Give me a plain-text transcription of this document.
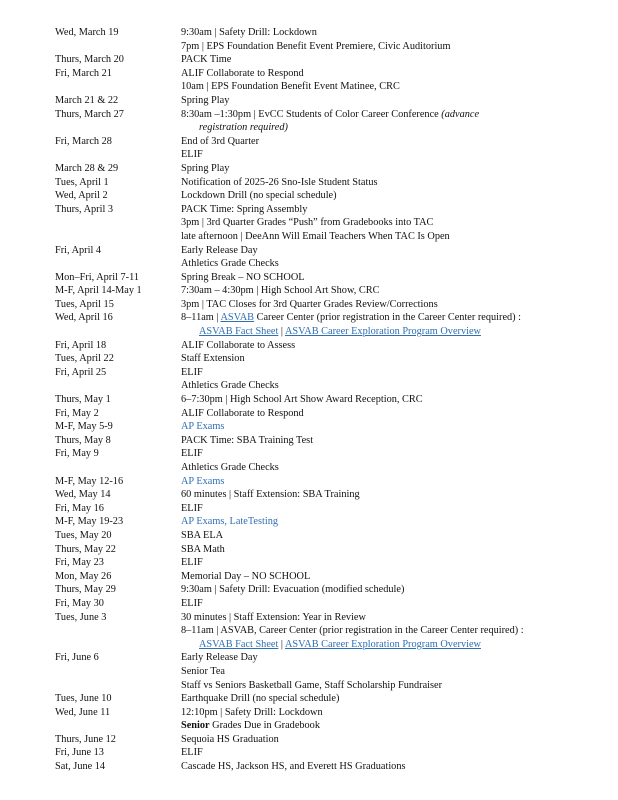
Wed, March 19	9:30am | Safety Drill: Lockdown
7pm | EPS Foundation Benefit Event Premiere, Civic Auditorium
Thurs, March 20	PACK Time
Fri, March 21	ALIF Collaborate to Respond
10am | EPS Foundation Benefit Event Matinee, CRC
March 21 & 22	Spring Play
Thurs, March 27	8:30am –1:30pm | EvCC Students of Color Career Conference (advance
registration required)
Fri, March 28	End of 3rd Quarter
ELIF
March 28 & 29	Spring Play
Tues, April 1	Notification of 2025-26 Sno-Isle Student Status
Wed, April 2	Lockdown Drill (no special schedule)
Thurs, April 3	PACK Time: Spring Assembly
3pm | 3rd Quarter Grades “Push” from Gradebooks into TAC
late afternoon | DeeAnn Will Email Teachers When TAC Is Open
Fri, April 4	Early Release Day
Athletics Grade Checks
Mon–Fri, April 7-11	Spring Break – NO SCHOOL
M-F, April 14-May 1	7:30am – 4:30pm | High School Art Show, CRC
Tues, April 15	3pm | TAC Closes for 3rd Quarter Grades Review/Corrections
Wed, April 16	8–11am | ASVAB Career Center (prior registration in the Career Center required) :
ASVAB Fact Sheet | ASVAB Career Exploration Program Overview
Fri, April 18	ALIF Collaborate to Assess
Tues, April 22	Staff Extension
Fri, April 25	ELIF
Athletics Grade Checks
Thurs, May 1	6–7:30pm | High School Art Show Award Reception, CRC
Fri, May 2	ALIF Collaborate to Respond
M-F, May 5-9	AP Exams
Thurs, May 8	PACK Time: SBA Training Test
Fri, May 9	ELIF
Athletics Grade Checks
M-F, May 12-16	AP Exams
Wed, May 14	60 minutes | Staff Extension: SBA Training
Fri, May 16	ELIF
M-F, May 19-23	AP Exams, LateTesting
Tues, May 20	SBA ELA
Thurs, May 22	SBA Math
Fri, May 23	ELIF
Mon, May 26	Memorial Day – NO SCHOOL
Thurs, May 29	9:30am | Safety Drill: Evacuation (modified schedule)
Fri, May 30	ELIF
Tues, June 3	30 minutes | Staff Extension: Year in Review
8–11am | ASVAB, Career Center (prior registration in the Career Center required) :
ASVAB Fact Sheet | ASVAB Career Exploration Program Overview
Fri, June 6	Early Release Day
Senior Tea
Staff vs Seniors Basketball Game, Staff Scholarship Fundraiser
Tues, June 10	Earthquake Drill (no special schedule)
Wed, June 11	12:10pm | Safety Drill: Lockdown
Senior Grades Due in Gradebook
Thurs, June 12	Sequoia HS Graduation
Fri, June 13	ELIF
Sat, June 14	Cascade HS, Jackson HS, and Everett HS Graduations
